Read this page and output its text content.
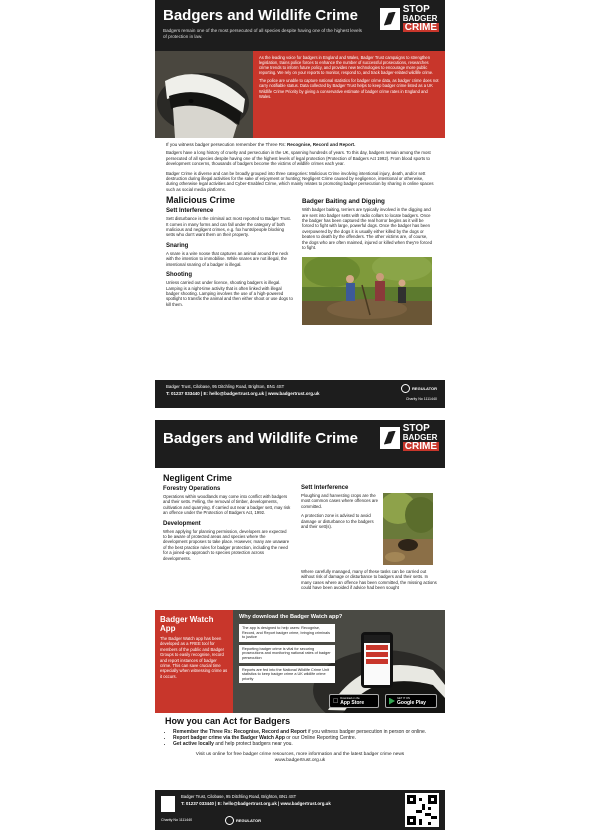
Badgers and Wildlife Crime
Badgers remain one of the most persecuted of all species despite having one of the highest levels of protection in law.
STOP
BADGER
CRIME
As the leading voice for badgers in England and Wales, Badger Trust campaigns to strengthen legislation, trains police forces to enhance the number of successful prosecutions, researches crime trends to inform future policy, and provides new technologies to encourage more public reporting. We rely on your reports to monitor, respond to, and track badger-related wildlife crime.
The police are unable to capture national statistics for badger crime data, as badger crime does not carry notifiable status. Data collected by Badger Trust helps to keep badger crime listed as a UK Wildlife Crime Priority by giving a conservative estimate of badger crime rates in England and Wales.
If you witness badger persecution remember the Three Rs: Recognise, Record and Report.
Badgers have a long history of cruelty and persecution in the UK, spanning hundreds of years. To this day, badgers remain among the most persecuted of all species despite having one of the highest levels of legal protection (Protection of Badgers Act 1992). From blood sports to development concerns, thousands of badgers become the victims of wildlife crimes each year.
Badger Crime is diverse and can be broadly grouped into three categories: Malicious Crime involving intentional injury, death, and/or sett destruction during illegal activities for the sake of enjoyment or hunting; Negligent Crime caused by negligence, intentional or otherwise, during otherwise legal activities and Cyber-Enabled Crime, which mainly relates to promoting badger persecution by sharing in online spaces such as social media platforms.
Malicious Crime
Sett Interference
Sett disturbance is the criminal act most reported to Badger Trust. It comes in many forms and can fall under the category of both malicious and negligent crimes, e.g. fox hunts/people blocking setts who don't want them on their property.
Snaring
A snare is a wire noose that captures an animal around the neck with the intention to immobilise. While snares are not illegal, the intentional snaring of a badger is illegal.
Shooting
Unless carried out under licence, shooting badgers is illegal. Lamping is a night-time activity that is often linked with illegal badger shooting. Lamping involves the use of a high-powered spotlight to transfix the animal and then either shoot or use dogs to kill them.
Badger Baiting and Digging
With badger baiting, terriers are typically involved in the digging and are sent into badger setts with radio collars to locate badgers. Once the badger has been captured the real horror begins as it will be forced to fight with large, powerful dogs. Once the badger has been overpowered by the dogs it is usually either killed by the dogs or beaten to death by the offenders. The other victims are, of course, the dogs who are often maimed, injured or killed when they're forced to fight.
Badger Trust, Cilobase, 95 Ditchling Road, Brighton, BN1 4ST
T: 01237 033440 | E: hello@badgertrust.org.uk | www.badgertrust.org.uk
REGULATOR
Charity No 1111440
Badgers and Wildlife Crime
STOP
BADGER
CRIME
Negligent Crime
Forestry Operations
Operations within woodlands may come into conflict with badgers and their setts. Felling, the removal of timber, developments, cultivation and quarrying. If carried out near a badger sett, may risk an offence under the Protection of Badgers Act, 1992.
Development
When applying for planning permission, developers are expected to be aware of protected areas and species where the development proposes to take place. However, many are unaware of the best practice rules for badger protection, including the need for a joined-up approach to species protection across developments.
Sett Interference
Ploughing and harvesting crops are the most common cases where offences are committed.
A protection zone is advised to avoid damage or disturbance to the badgers and their sett(s).
Where carefully managed, many of these tasks can be carried out without risk of damage or disturbance to badgers and their setts. In many cases where an offence has been committed, the missing actions could have been avoided if advice had been sought
Badger Watch App
The Badger Watch app has been developed as a FREE tool for members of the public and Badger Groups to easily recognise, record and report instances of badger crime. This can save crucial time especially when witnessing crime as it occurs.
Why download the Badger Watch app?
The app is designed to help users: Recognise, Record, and Report badger crime, bringing criminals to justice
Reporting badger crime is vital for securing prosecutions and monitoring national rates of badger persecution
Reports are fed into the National Wildlife Crime Unit statistics to keep badger crime a UK wildlife crime priority
Download on the
App Store
GET IT ON
Google Play
How you can Act for Badgers
• Remember the Three Rs: Recognise, Record and Report if you witness badger persecution in person or online.
• Report badger crime via the Badger Watch App or our Online Reporting Centre.
• Get active locally and help protect badgers near you.
Visit us online for free badger crime resources, more information and the latest badger crime news www.badgertrust.org.uk
Badger Trust, Cilobase, 95 Ditchling Road, Brighton, BN1 4ST
T: 01237 033440 | E: hello@badgertrust.org.uk | www.badgertrust.org.uk
Charity No 1111440	REGULATOR
